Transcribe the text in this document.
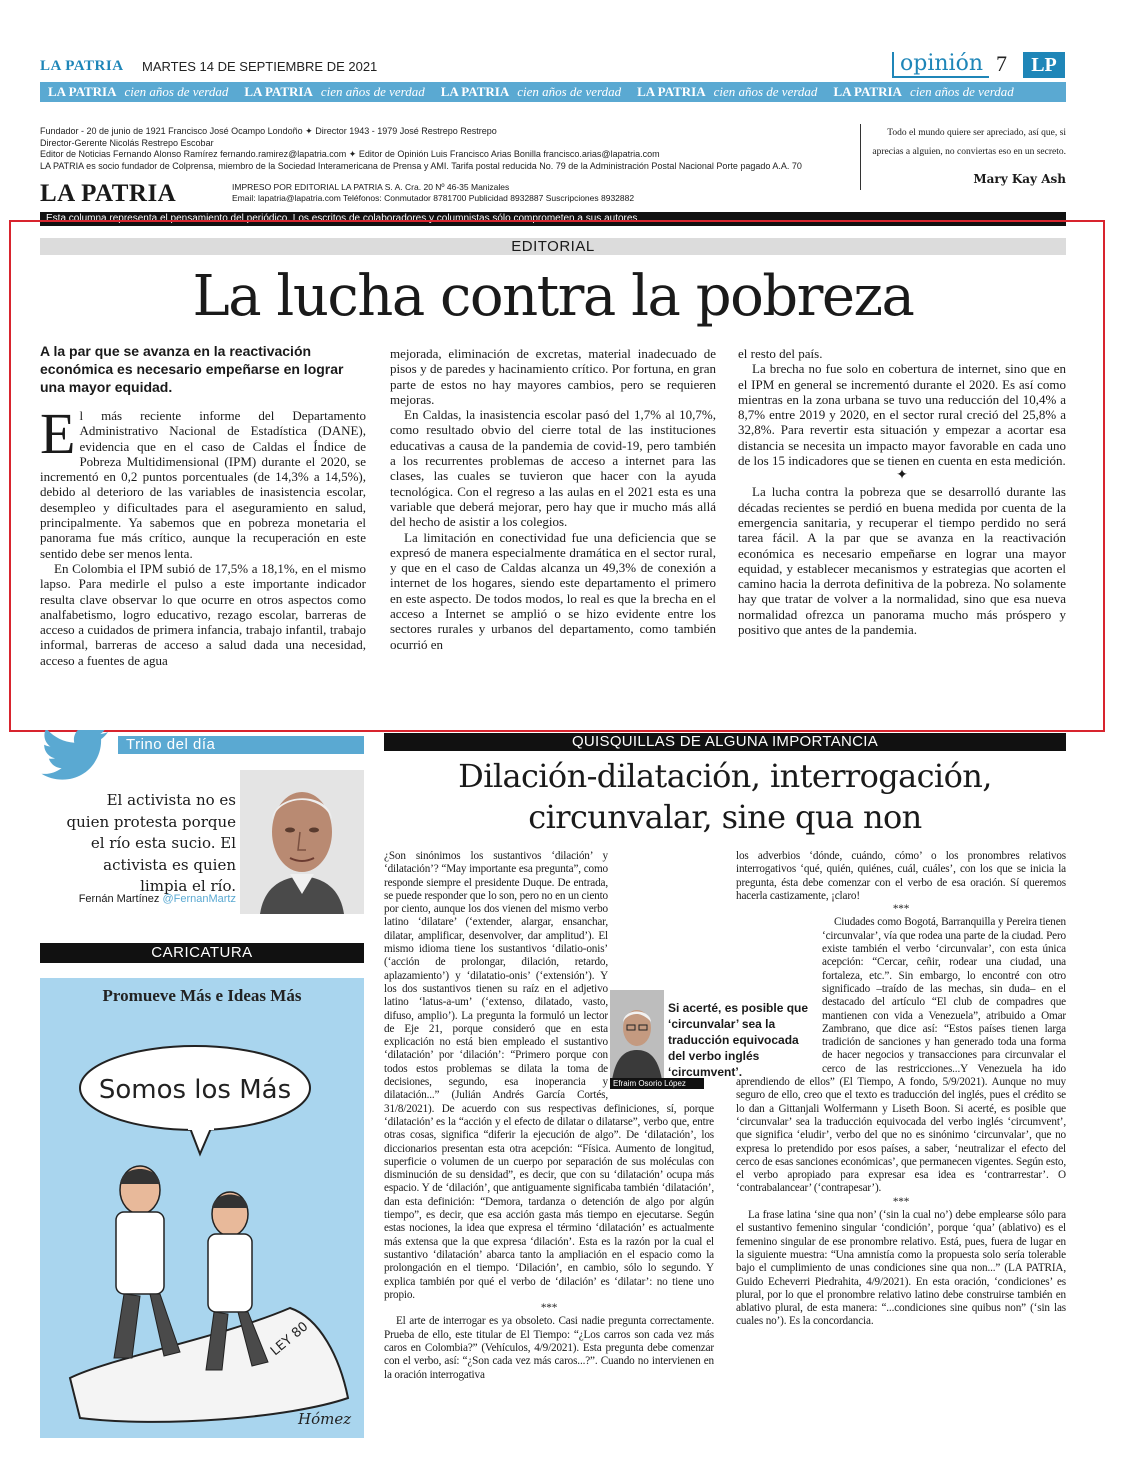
LA PATRIA MARTES 14 DE SEPTIEMBRE DE 2021	opinión 7	LP
LA PATRIA cien años de verdad LA PATRIA cien años de verdad LA PATRIA cien años de verdad LA PATRIA cien años de verdad LA PATRIA cien años de verdad
Fundador - 20 de junio de 1921 Francisco José Ocampo Londoño ✦ Director 1943 - 1979 José Restrepo Restrepo
Director-Gerente Nicolás Restrepo Escobar
Editor de Noticias Fernando Alonso Ramírez fernando.ramirez@lapatria.com ✦ Editor de Opinión Luis Francisco Arias Bonilla francisco.arias@lapatria.com
LA PATRIA es socio fundador de Colprensa, miembro de la Sociedad Interamericana de Prensa y AMI. Tarifa postal reducida No. 79 de la Administración Postal Nacional Porte pagado A.A. 70
Todo el mundo quiere ser apreciado, así que, si aprecias a alguien, no conviertas eso en un secreto.
Mary Kay Ash
LA PATRIA	IMPRESO POR EDITORIAL LA PATRIA S. A. Cra. 20 Nº 46-35 Manizales
Email: lapatria@lapatria.com Teléfonos: Conmutador 8781700 Publicidad 8932887 Suscripciones 8932882
Esta columna representa el pensamiento del periódico. Los escritos de colaboradores y columnistas sólo comprometen a sus autores
EDITORIAL
La lucha contra la pobreza
A la par que se avanza en la reactivación económica es necesario empeñarse en lograr una mayor equidad.

El más reciente informe del Departamento Administrativo Nacional de Estadística (DANE), evidencia que en el caso de Caldas el Índice de Pobreza Multidimensional (IPM) durante el 2020, se incrementó en 0,2 puntos porcentuales (de 14,3% a 14,5%), debido al deterioro de las variables de inasistencia escolar, desempleo y dificultades para el aseguramiento en salud, principalmente. Ya sabemos que en pobreza monetaria el panorama fue más crítico, aunque la recuperación en este sentido debe ser menos lenta.

En Colombia el IPM subió de 17,5% a 18,1%, en el mismo lapso. Para medirle el pulso a este importante indicador resulta clave observar lo que ocurre en otros aspectos como analfabetismo, logro educativo, rezago escolar, barreras de acceso a cuidados de primera infancia, trabajo infantil, trabajo informal, barreras de acceso a salud dada una necesidad, acceso a fuentes de agua

mejorada, eliminación de excretas, material inadecuado de pisos y de paredes y hacinamiento crítico. Por fortuna, en gran parte de estos no hay mayores cambios, pero se requieren mejoras.

En Caldas, la inasistencia escolar pasó del 1,7% al 10,7%, como resultado obvio del cierre total de las instituciones educativas a causa de la pandemia de covid-19, pero también a los recurrentes problemas de acceso a internet para las clases, las cuales se tuvieron que hacer con la ayuda tecnológica. Con el regreso a las aulas en el 2021 esta es una variable que deberá mejorar, pero hay que ir mucho más allá del hecho de asistir a los colegios.

La limitación en conectividad fue una deficiencia que se expresó de manera especialmente dramática en el sector rural, y que en el caso de Caldas alcanza un 49,3% de conexión a internet de los hogares, siendo este departamento el primero en este aspecto. De todos modos, lo real es que la brecha en el acceso a Internet se amplió o se hizo evidente entre los sectores rurales y urbanos del departamento, como también ocurrió en

el resto del país.

La brecha no fue solo en cobertura de internet, sino que en el IPM en general se incrementó durante el 2020. Es así como mientras en la zona urbana se tuvo una reducción del 10,4% a 8,7% entre 2019 y 2020, en el sector rural creció del 25,8% a 32,8%. Para revertir esta situación y empezar a acortar esa distancia se necesita un impacto mayor favorable en cada uno de los 15 indicadores que se tienen en cuenta en esta medición.

✦

La lucha contra la pobreza que se desarrolló durante las décadas recientes se perdió en buena medida por cuenta de la emergencia sanitaria, y recuperar el tiempo perdido no será tarea fácil. A la par que se avanza en la reactivación económica es necesario empeñarse en lograr una mayor equidad, y establecer mecanismos y estrategias que acorten el camino hacia la derrota definitiva de la pobreza. No solamente hay que tratar de volver a la normalidad, sino que esa nueva normalidad ofrezca un panorama mucho más próspero y positivo que antes de la pandemia.

Trino del día
El activista no es quien protesta porque el río esta sucio. El activista es quien limpia el río.
Fernán Martínez @FernanMartz
CARICATURA
Promueve Más e Ideas Más
Somos los Más
LEY 80
Hómez
QUISQUILLAS DE ALGUNA IMPORTANCIA
Dilación-dilatación, interrogación,
circunvalar, sine qua non

¿Son sinónimos los sustantivos ‘dilación’ y ‘dilatación’? “May importante esa pregunta”, como responde siempre el presidente Duque. De entrada, se puede responder que lo son, pero no en un ciento por ciento, aunque los dos vienen del mismo verbo latino ‘dilatare’ (‘extender, alargar, ensanchar, dilatar, amplificar, desenvolver, dar amplitud’). El mismo idioma tiene los sustantivos ‘dilatio-onis’ (‘acción de prolongar, dilación, retardo, aplazamiento’) y ‘dilatatio-onis’ (‘extensión’). Y los dos sustantivos tienen su raíz en el adjetivo latino ‘latus-a-um’ (‘extenso, dilatado, vasto, difuso, amplio’). La pregunta la formuló un lector de Eje 21, porque consideró que en esta explicación no está bien empleado el sustantivo ‘dilatación’ por ‘dilación’: “Primero porque con todos estos problemas se dilata la toma de decisiones, segundo, esa inoperancia y dilatación...” (Julián Andrés García Cortés, 31/8/2021). De acuerdo con sus respectivas definiciones, sí, porque ‘dilatación’ es la “acción y el efecto de dilatar o dilatarse”, verbo que, entre otras cosas, significa “diferir la ejecución de algo”. De ‘dilatación’, los diccionarios presentan esta otra acepción: “Física. Aumento de longitud, superficie o volumen de un cuerpo por separación de sus moléculas con disminución de su densidad”, es decir, que con su ‘dilatación’ ocupa más espacio. Y de ‘dilación’, que antiguamente significaba también ‘dilatación’, dan esta definición: “Demora, tardanza o detención de algo por algún tiempo”, es decir, que esa acción gasta más tiempo en ejecutarse. Según estas nociones, la idea que expresa el término ‘dilatación’ es actualmente más extensa que la que expresa ‘dilación’. Esta es la razón por la cual el sustantivo ‘dilatación’ abarca tanto la ampliación en el espacio como la prolongación en el tiempo. ‘Dilación’, en cambio, sólo lo segundo. Y explica también por qué el verbo de ‘dilación’ es ‘dilatar’: no tiene uno propio.

***

El arte de interrogar es ya obsoleto. Casi nadie pregunta correctamente. Prueba de ello, este titular de El Tiempo: “¿Los carros son cada vez más caros en Colombia?” (Vehículos, 4/9/2021). Esta pregunta debe comenzar con el verbo, así: “¿Son cada vez más caros...?”. Cuando no intervienen en la oración interrogativa

los adverbios ‘dónde, cuándo, cómo’ o los pronombres relativos interrogativos ‘qué, quién, quiénes, cuál, cuáles’, con los que se inicia la pregunta, ésta debe comenzar con el verbo de esa oración. Sí queremos hacerla castizamente, ¡claro!

***

Ciudades como Bogotá, Barranquilla y Pereira tienen ‘circunvalar’, vía que rodea una parte de la ciudad. Pero existe también el verbo ‘circunvalar’, con esta única acepción: “Cercar, ceñir, rodear una ciudad, una fortaleza, etc.”. Sin embargo, lo encontré con otro significado –traído de las mechas, sin duda– en el destacado del artículo “El club de compadres que mantienen con vida a Venezuela”, atribuido a Omar Zambrano, que dice así: “Estos países tienen larga tradición de sanciones y han generado toda una forma de hacer negocios y transacciones para circunvalar el cerco de las restricciones...Y Venezuela ha ido aprendiendo de ellos” (El Tiempo, A fondo, 5/9/2021). Aunque no muy seguro de ello, creo que el texto es traducción del inglés, pues el crédito se lo dan a Gittanjali Wolfermann y Liseth Boon. Si acerté, es posible que ‘circunvalar’ sea la traducción equivocada del verbo inglés ‘circumvent’, que significa ‘eludir’, verbo del que no es sinónimo ‘circunvalar’, que no expresa lo pretendido por esos países, a saber, ‘neutralizar el efecto del cerco de esas sanciones económicas’, que permanecen vigentes. Según esto, el verbo apropiado para expresar esa idea es ‘contrarrestar’. O ‘contrabalancear’ (‘contrapesar’).

***

La frase latina ‘sine qua non’ (‘sin la cual no’) debe emplearse sólo para el sustantivo femenino singular ‘condición’, porque ‘qua’ (ablativo) es el femenino singular de ese pronombre relativo. Está, pues, fuera de lugar en la siguiente muestra: “Una amnistía como la propuesta solo sería tolerable bajo el cumplimiento de unas condiciones sine qua non...” (LA PATRIA, Guido Echeverri Piedrahita, 4/9/2021). En esta oración, ‘condiciones’ es plural, por lo que el pronombre relativo latino debe construirse también en ablativo plural, de esta manera: “...condiciones sine quibus non” (‘sin las cuales no’). Es la concordancia.

Efraim Osorio López
Si acerté, es posible que ‘circunvalar’ sea la traducción equivocada del verbo inglés ‘circumvent’.
